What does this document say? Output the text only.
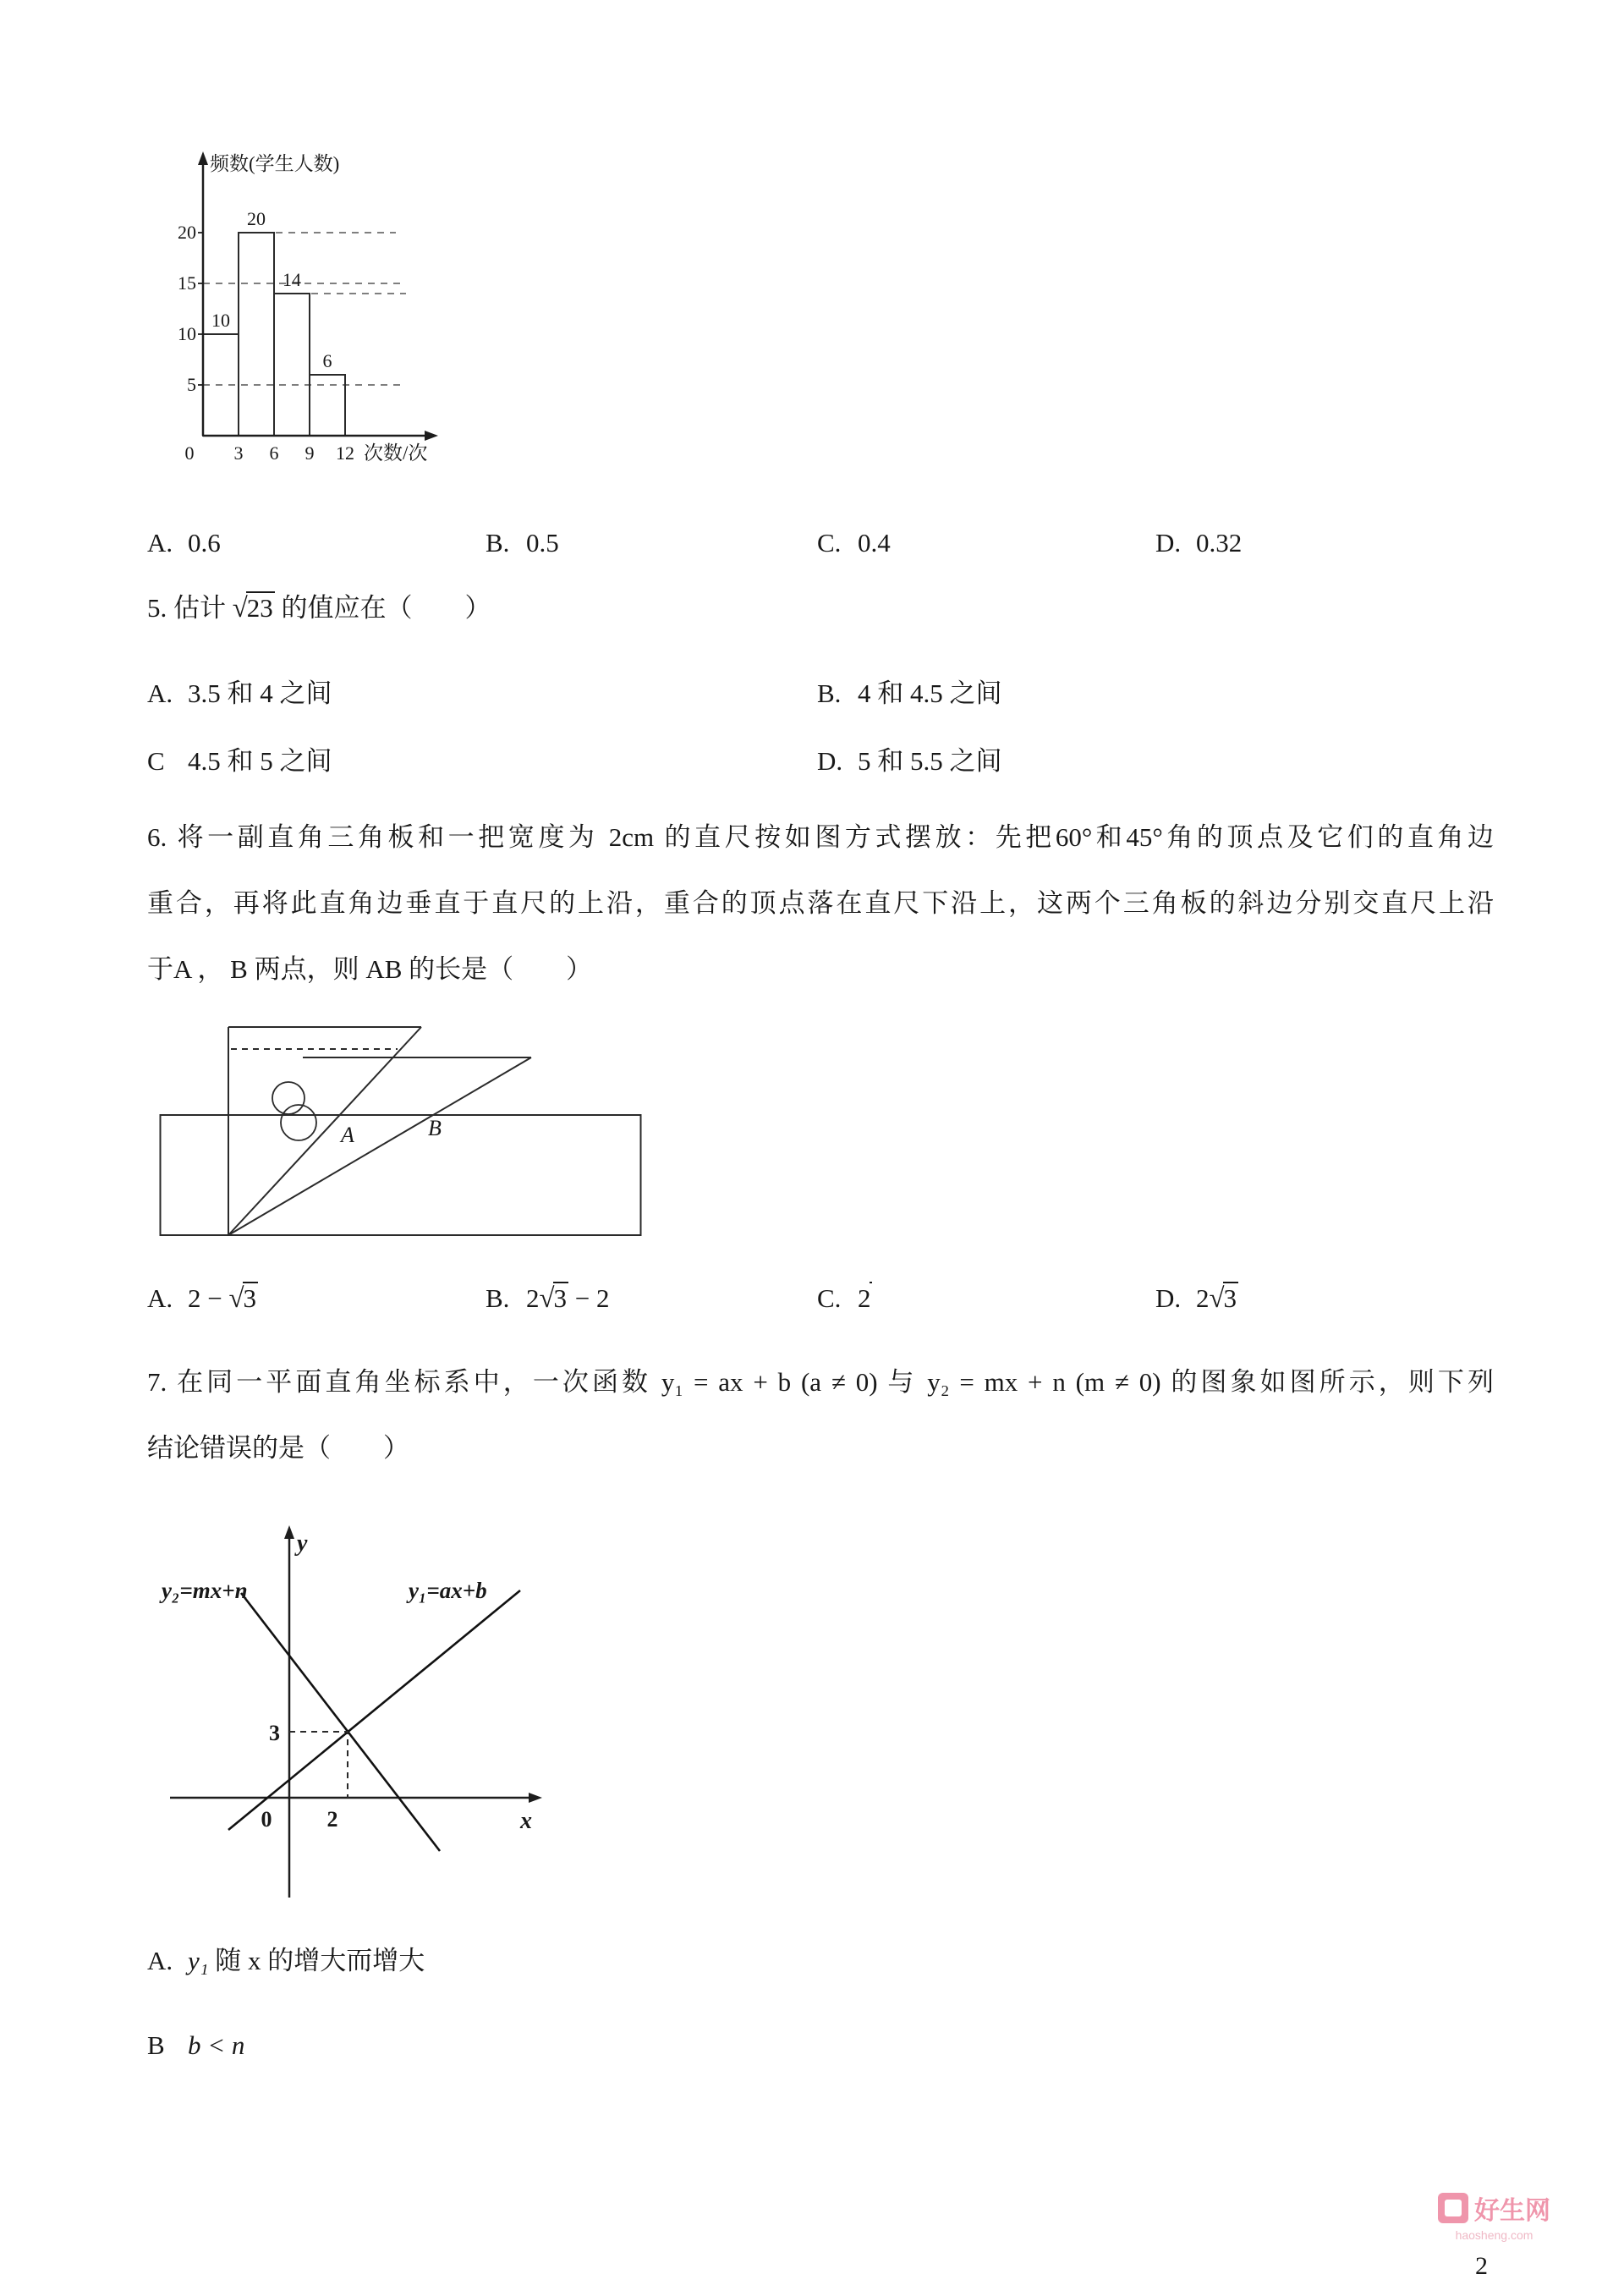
频数(学生人数)
20
15
10
5
10
20
14
6
0 3 6 9 12 次数/次
A. 0.6	B. 0.5	C. 0.4	D. 0.32
5. 估计 √23 的值应在（　　）
A. 3.5 和 4 之间	B. 4 和 4.5 之间
C 4.5 和 5 之间	D. 5 和 5.5 之间
6. 将一副直角三角板和一把宽度为 2cm 的直尺按如图方式摆放：先把60°和45°角的顶点及它们的直角边
重合，再将此直角边垂直于直尺的上沿，重合的顶点落在直尺下沿上，这两个三角板的斜边分别交直尺上沿
于A ， B 两点，则 AB 的长是（　　）
A	B
A. 2 − √3	B. 2√3 − 2	C. 2	D. 2√3
7. 在同一平面直角坐标系中，一次函数 y₁ = ax + b (a ≠ 0) 与 y₂ = mx + n (m ≠ 0) 的图象如图所示，则下列
结论错误的是（　　）
y
x
0
3
2
y₂=mx+n	y₁=ax+b
A. y₁ 随 x 的增大而增大
B b < n
好生网
haosheng.com
2
